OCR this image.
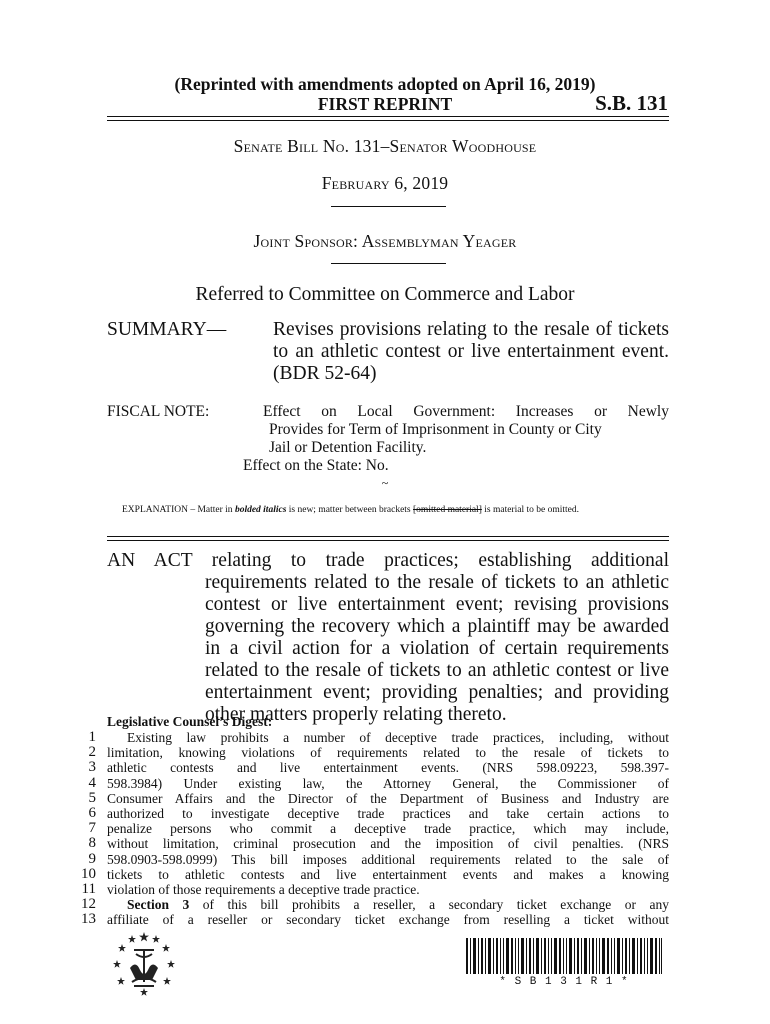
(Reprinted with amendments adopted on April 16, 2019)
FIRST REPRINT	S.B. 131
Senate Bill No. 131–Senator Woodhouse
February 6, 2019
Joint Sponsor: Assemblyman Yeager
Referred to Committee on Commerce and Labor
SUMMARY— Revises provisions relating to the resale of tickets to an athletic contest or live entertainment event. (BDR 52-64)
FISCAL NOTE:	Effect on Local Government: Increases or Newly
Provides for Term of Imprisonment in County or City
Jail or Detention Facility.
Effect on the State: No.
~
EXPLANATION – Matter in bolded italics is new; matter between brackets [omitted material] is material to be omitted.
AN ACT relating to trade practices; establishing additional
requirements related to the resale of tickets to an athletic contest or live entertainment event; revising provisions governing the recovery which a plaintiff may be awarded in a civil action for a violation of certain requirements related to the resale of tickets to an athletic contest or live entertainment event; providing penalties; and providing other matters properly relating thereto.
Legislative Counsel’s Digest:
1
2
3
4
5
6
7
8
9
10
11
12
13
Existing law prohibits a number of deceptive trade practices, including, without
limitation, knowing violations of requirements related to the resale of tickets to
athletic contests and live entertainment events. (NRS 598.09223, 598.397-
598.3984) Under existing law, the Attorney General, the Commissioner of
Consumer Affairs and the Director of the Department of Business and Industry are
authorized to investigate deceptive trade practices and take certain actions to
penalize persons who commit a deceptive trade practice, which may include,
without limitation, criminal prosecution and the imposition of civil penalties. (NRS
598.0903-598.0999) This bill imposes additional requirements related to the sale of
tickets to athletic contests and live entertainment events and makes a knowing
violation of those requirements a deceptive trade practice.
Section 3 of this bill prohibits a reseller, a secondary ticket exchange or any
affiliate of a reseller or secondary ticket exchange from reselling a ticket without
* S B 1 3 1 R 1 *
